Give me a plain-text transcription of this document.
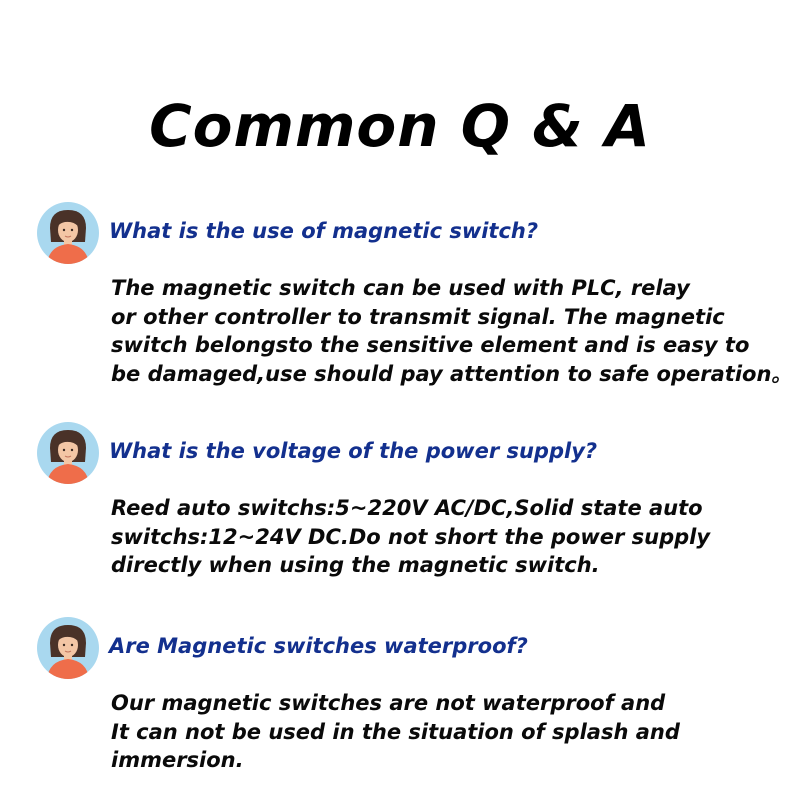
Common Q & A
What is the use of magnetic switch?
The magnetic switch can be used with PLC, relay
or other controller to transmit signal. The magnetic
switch belongsto the sensitive element and is easy to
be damaged,use should pay attention to safe operation。
What is the voltage of the power supply?
Reed auto switchs:5~220V AC/DC,Solid state auto
switchs:12~24V DC.Do not short the power supply
directly when using the magnetic switch.
Are Magnetic switches waterproof?
Our magnetic switches are not waterproof and
It can not be used in the situation of splash and
immersion.
